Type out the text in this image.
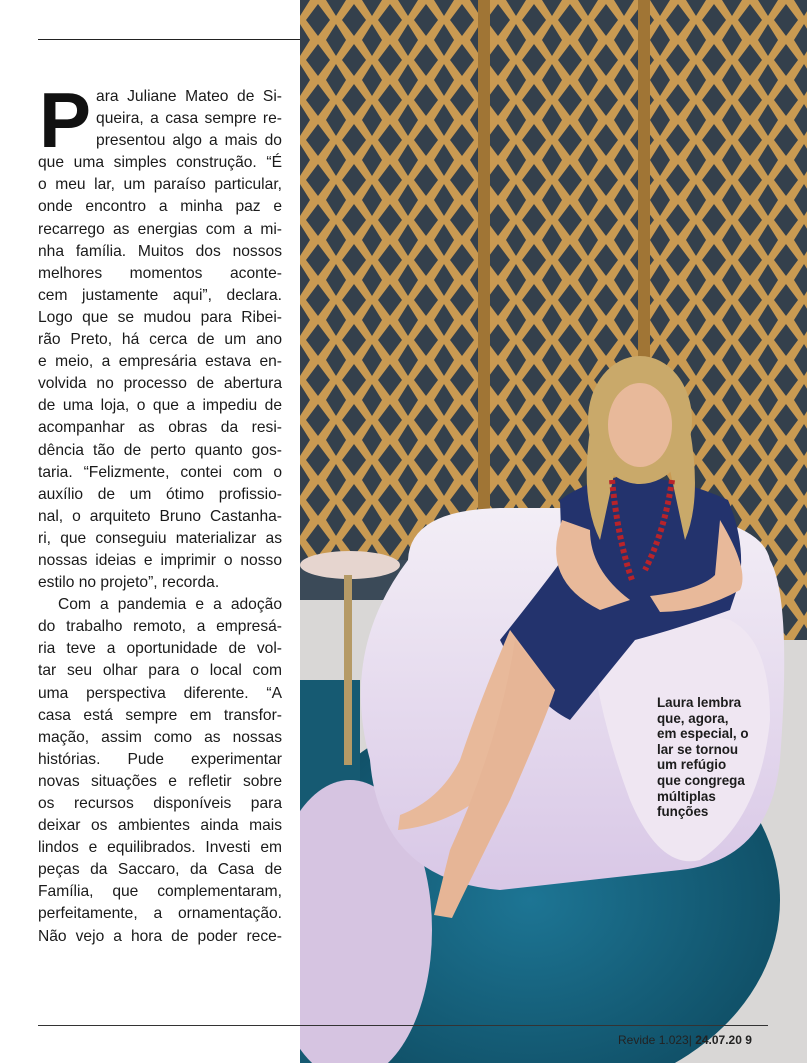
P ara Juliane Mateo de Si-

queira, a casa sempre re-

presentou algo a mais do

que uma simples construção. “É

o meu lar, um paraíso particular,

onde encontro a minha paz e

recarrego as energias com a mi-

nha família. Muitos dos nossos

melhores momentos aconte-

cem justamente aqui”, declara.

Logo que se mudou para Ribei-

rão Preto, há cerca de um ano

e meio, a empresária estava en-

volvida no processo de abertura

de uma loja, o que a impediu de

acompanhar as obras da resi-

dência tão de perto quanto gos-

taria. “Felizmente, contei com o

auxílio de um ótimo profissio-

nal, o arquiteto Bruno Castanha-

ri, que conseguiu materializar as

nossas ideias e imprimir o nosso

estilo no projeto”, recorda.

Com a pandemia e a adoção

do trabalho remoto, a empresá-

ria teve a oportunidade de vol-

tar seu olhar para o local com

uma perspectiva diferente. “A

casa está sempre em transfor-

mação, assim como as nossas

histórias. Pude experimentar

novas situações e refletir sobre

os recursos disponíveis para

deixar os ambientes ainda mais

lindos e equilibrados. Investi em

peças da Saccaro, da Casa de

Família, que complementaram,

perfeitamente, a ornamentação.

Não vejo a hora de poder rece-

Laura lembra
que, agora,
em especial, o
lar se tornou
um refúgio
que congrega
múltiplas
funções
Revide 1.023| 24.07.20 9
